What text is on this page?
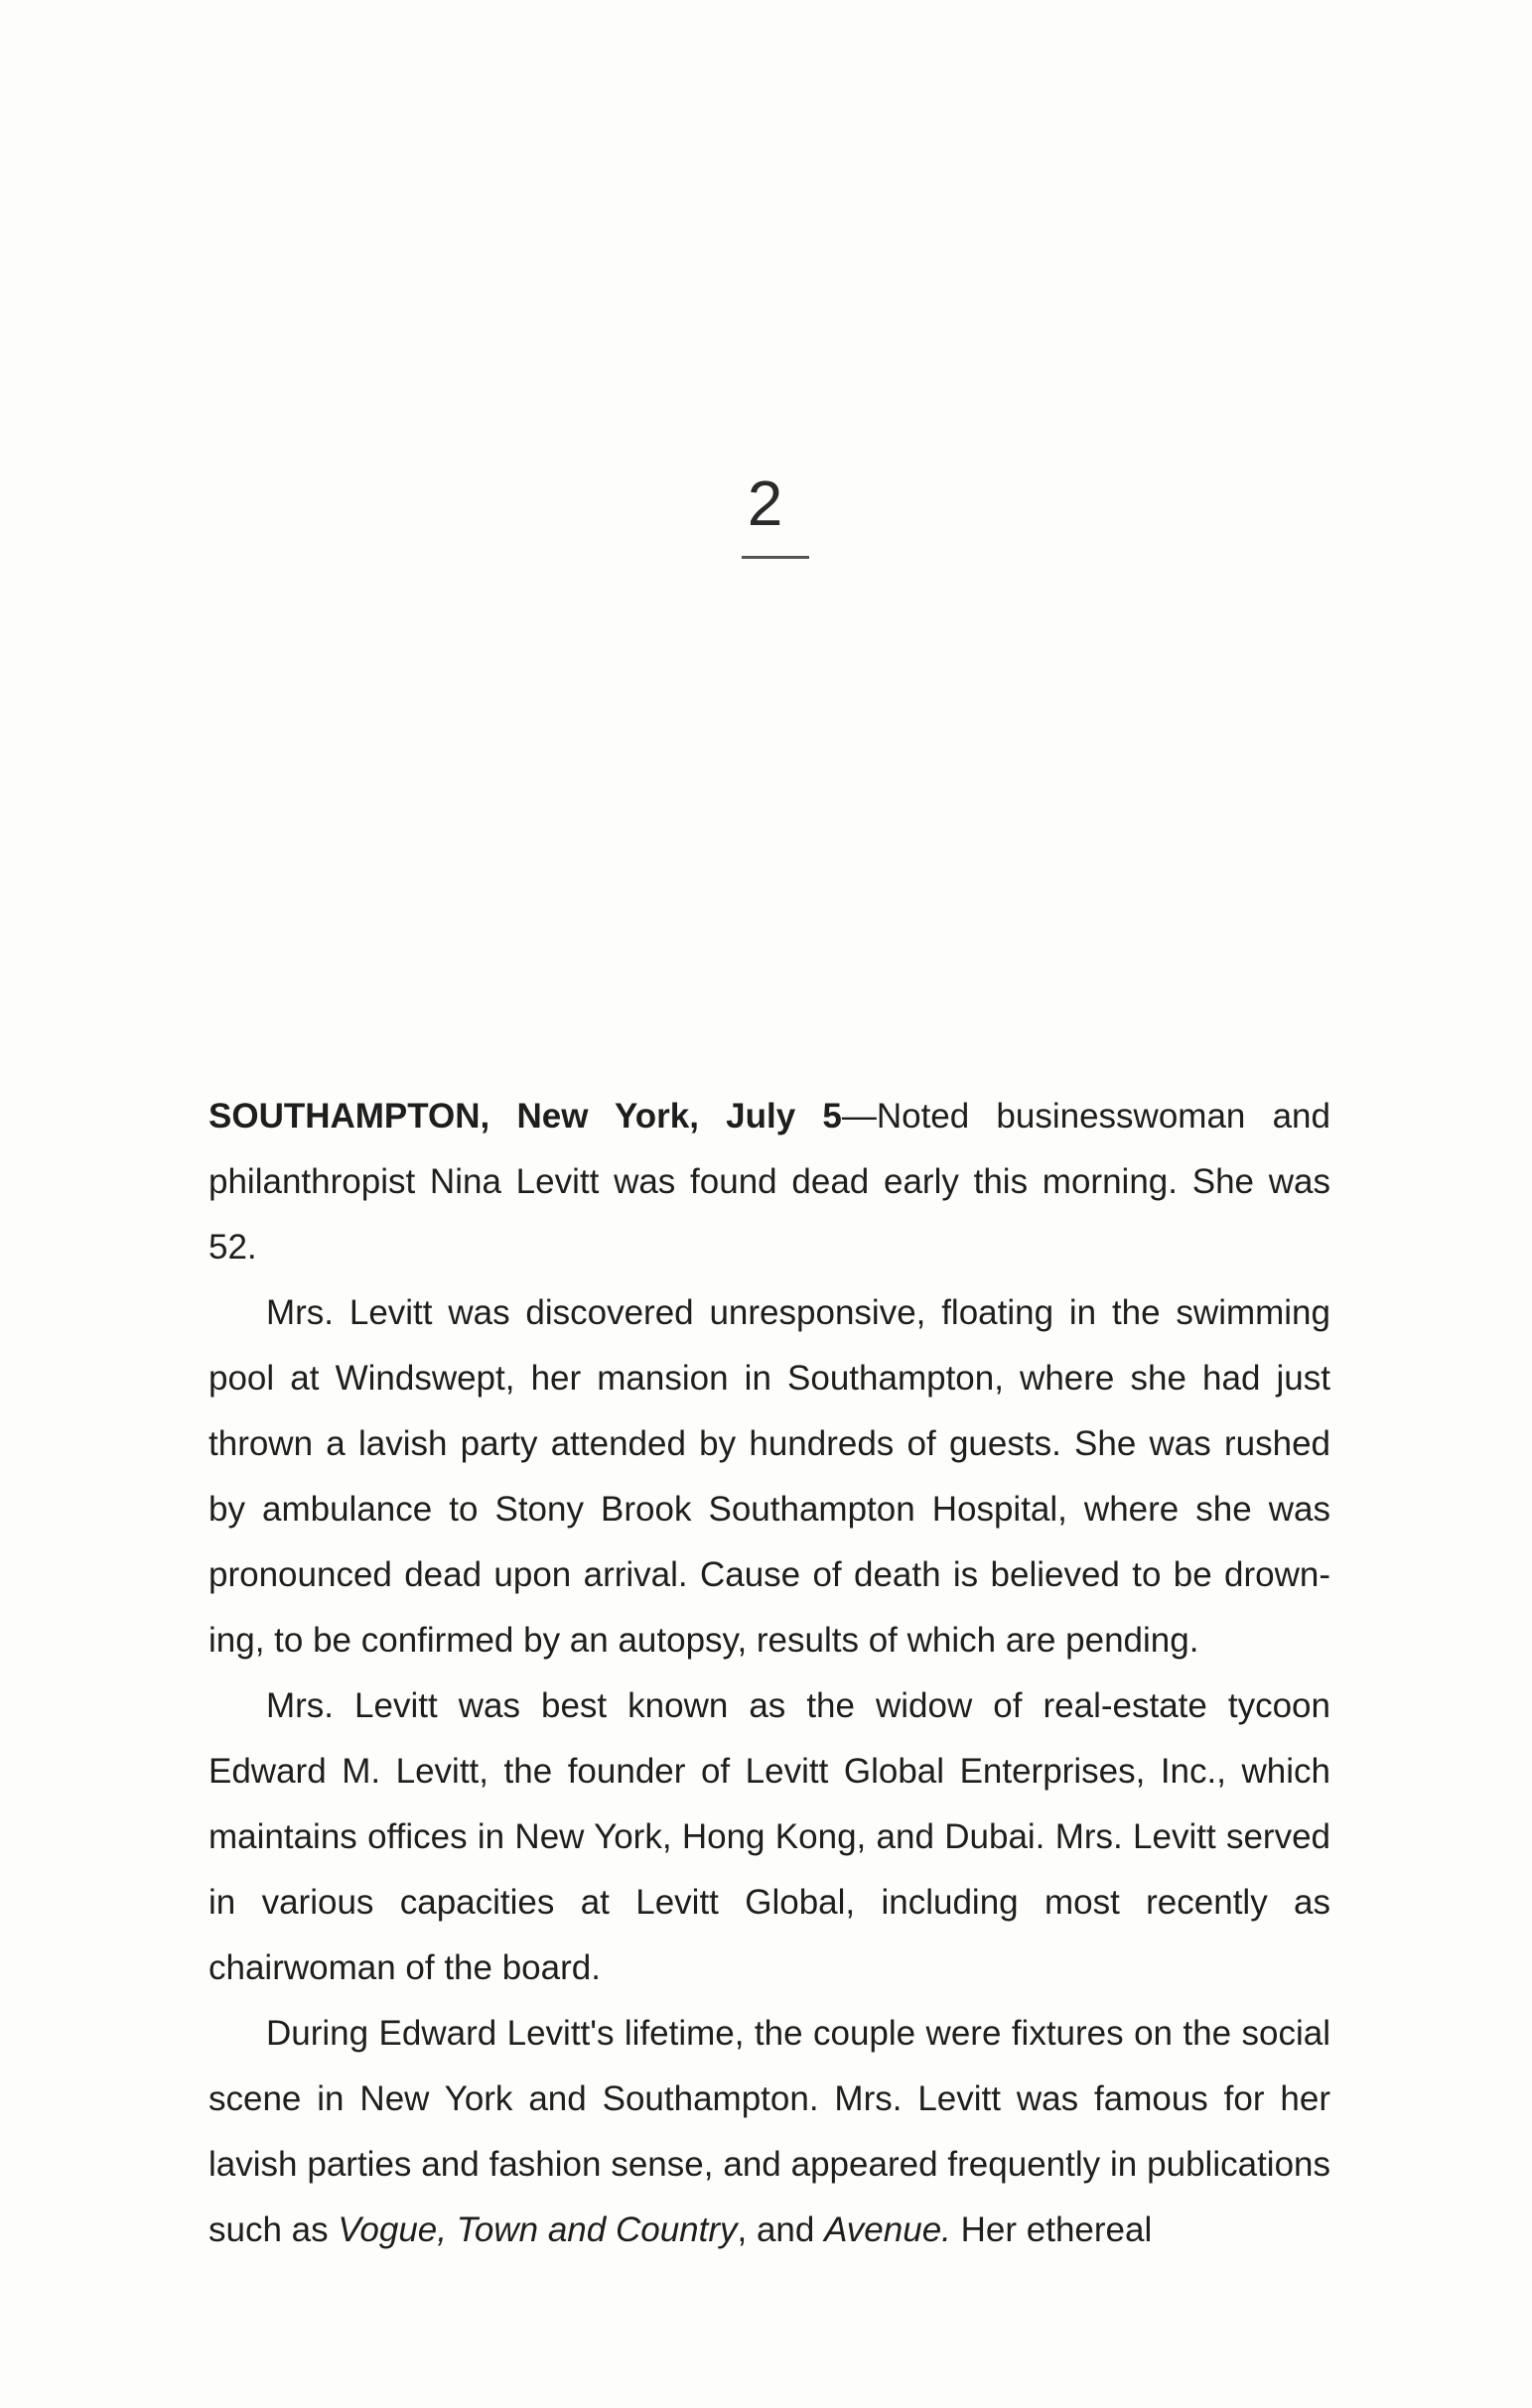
2

SOUTHAMPTON, New York, July 5—Noted businesswoman and philanthropist Nina Levitt was found dead early this morning. She was 52.

Mrs. Levitt was discovered unresponsive, floating in the swimming pool at Windswept, her mansion in Southampton, where she had just thrown a lavish party attended by hundreds of guests. She was rushed by ambulance to Stony Brook Southampton Hospital, where she was pronounced dead upon arrival. Cause of death is believed to be drowning, to be confirmed by an autopsy, results of which are pending.

Mrs. Levitt was best known as the widow of real-estate tycoon Edward M. Levitt, the founder of Levitt Global Enterprises, Inc., which maintains offices in New York, Hong Kong, and Dubai. Mrs. Levitt served in various capacities at Levitt Global, including most recently as chairwoman of the board.

During Edward Levitt's lifetime, the couple were fixtures on the social scene in New York and Southampton. Mrs. Levitt was famous for her lavish parties and fashion sense, and appeared frequently in publications such as Vogue, Town and Country, and Avenue. Her ethereal
